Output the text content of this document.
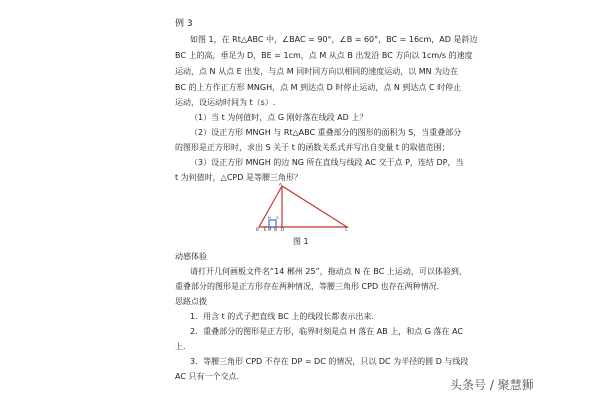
例 3
如图 1，在 Rt△ABC 中，∠BAC = 90°，∠B = 60°，BC = 16cm，AD 是斜边
BC 上的高，垂足为 D，BE = 1cm，点 M 从点 B 出发沿 BC 方向以 1cm/s 的速度
运动，点 N 从点 E 出发，与点 M 同时同方向以相同的速度运动，以 MN 为边在
BC 的上方作正方形 MNGH，点 M 到达点 D 时停止运动，点 N 到达点 C 时停止
运动，设运动时间为 t（s）.
（1）当 t 为何值时，点 G 刚好落在线段 AD 上？
（2）设正方形 MNGH 与 Rt△ABC 重叠部分的图形的面积为 S，当重叠部分
的图形是正方形时，求出 S 关于 t 的函数关系式并写出自变量 t 的取值范围；
（3）设正方形 MNGH 的边 NG 所在直线与线段 AC 交于点 P，连结 DP，当
t 为何值时，△CPD 是等腰三角形？
A
B E M N D	C
H G
图 1
动感体验
请打开几何画板文件名“14 郴州 25”，拖动点 N 在 BC 上运动，可以体验到，
重叠部分的图形是正方形存在两种情况，等腰三角形 CPD 也存在两种情况.
思路点拨
1．用含 t 的式子把直线 BC 上的线段长都表示出来.
2．重叠部分的图形是正方形，临界时刻是点 H 落在 AB 上，和点 G 落在 AC
上.
3．等腰三角形 CPD 不存在 DP = DC 的情况，只以 DC 为半径的圆 D 与线段
AC 只有一个交点.
头条号 / 聚慧狮
